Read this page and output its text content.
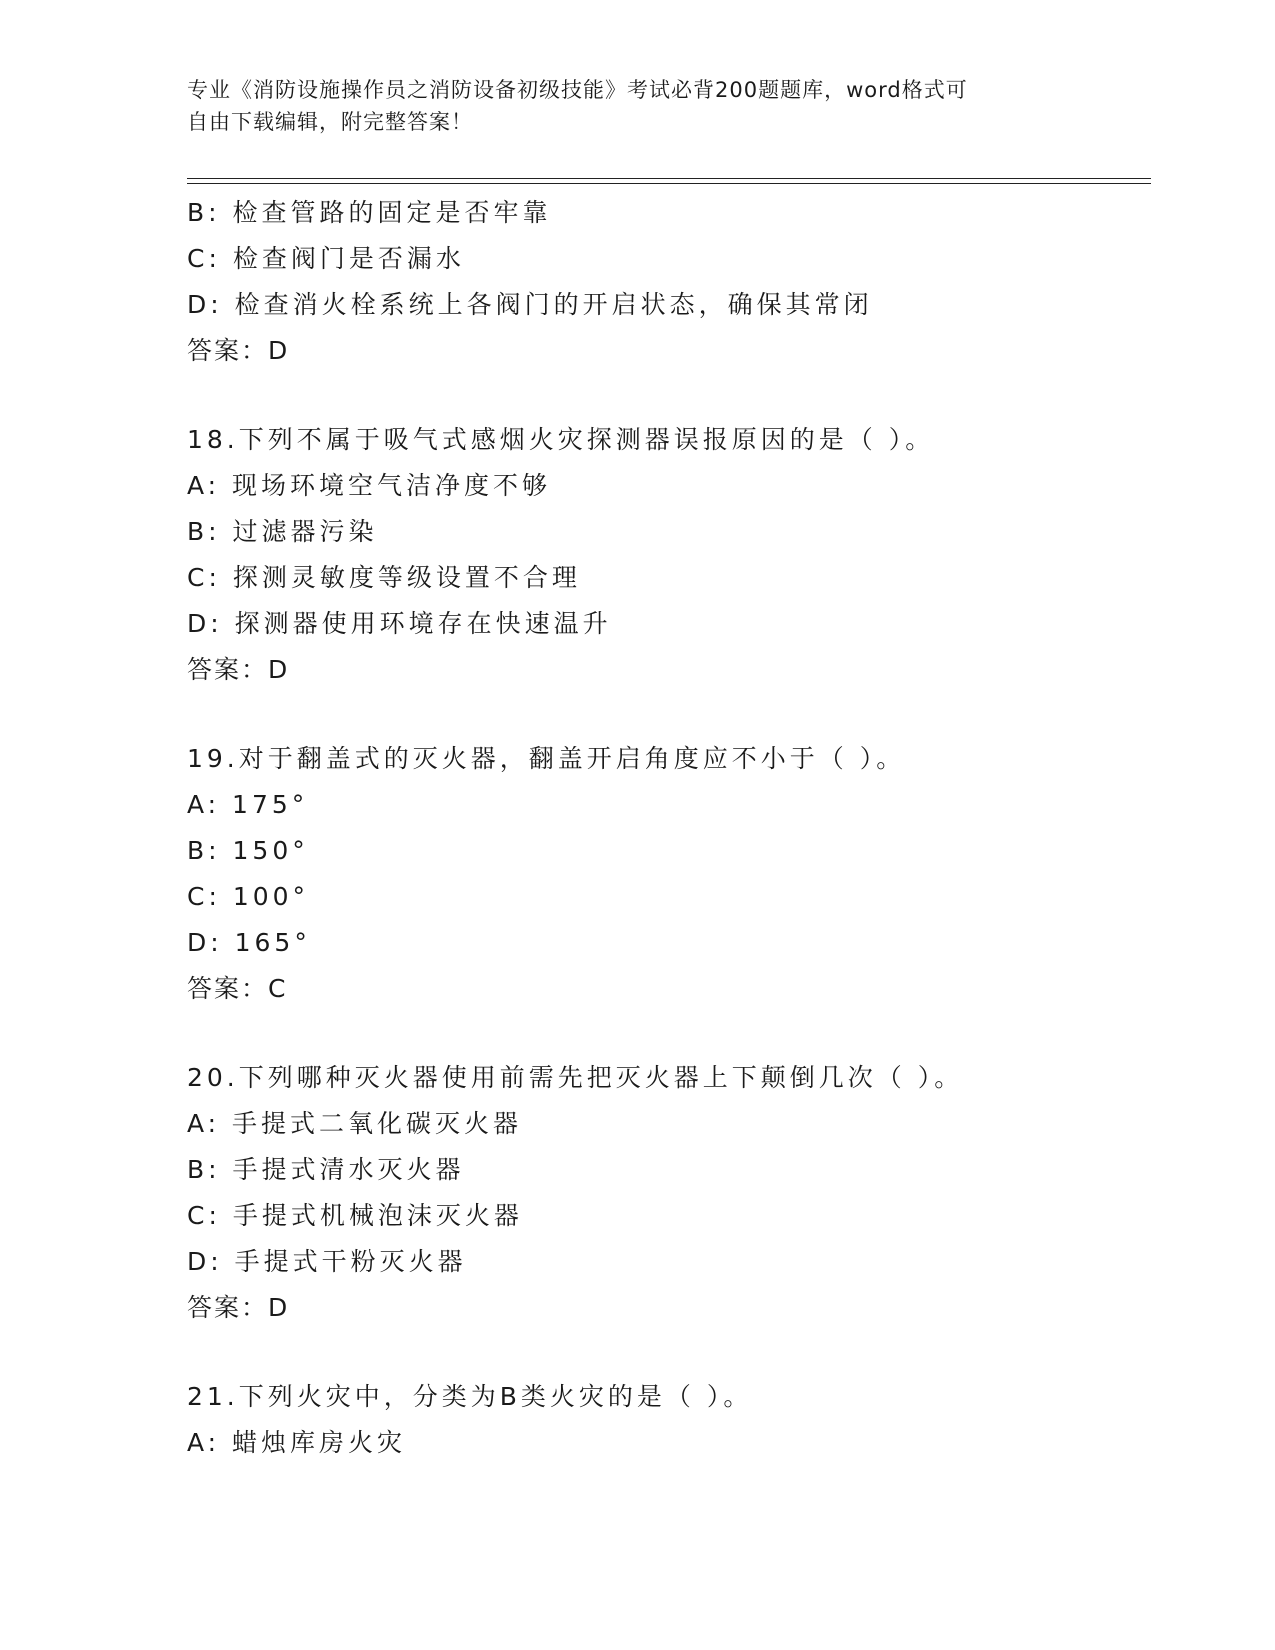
专业《消防设施操作员之消防设备初级技能》考试必背200题题库，word格式可
自由下载编辑，附完整答案！
B: 检查管路的固定是否牢靠
C: 检查阀门是否漏水
D: 检查消火栓系统上各阀门的开启状态，确保其常闭
答案：D
18.下列不属于吸气式感烟火灾探测器误报原因的是（ ）。
A: 现场环境空气洁净度不够
B: 过滤器污染
C: 探测灵敏度等级设置不合理
D: 探测器使用环境存在快速温升
答案：D
19.对于翻盖式的灭火器，翻盖开启角度应不小于（ ）。
A: 175°
B: 150°
C: 100°
D: 165°
答案：C
20.下列哪种灭火器使用前需先把灭火器上下颠倒几次（ ）。
A: 手提式二氧化碳灭火器
B: 手提式清水灭火器
C: 手提式机械泡沫灭火器
D: 手提式干粉灭火器
答案：D
21.下列火灾中，分类为B类火灾的是（ ）。
A: 蜡烛库房火灾
